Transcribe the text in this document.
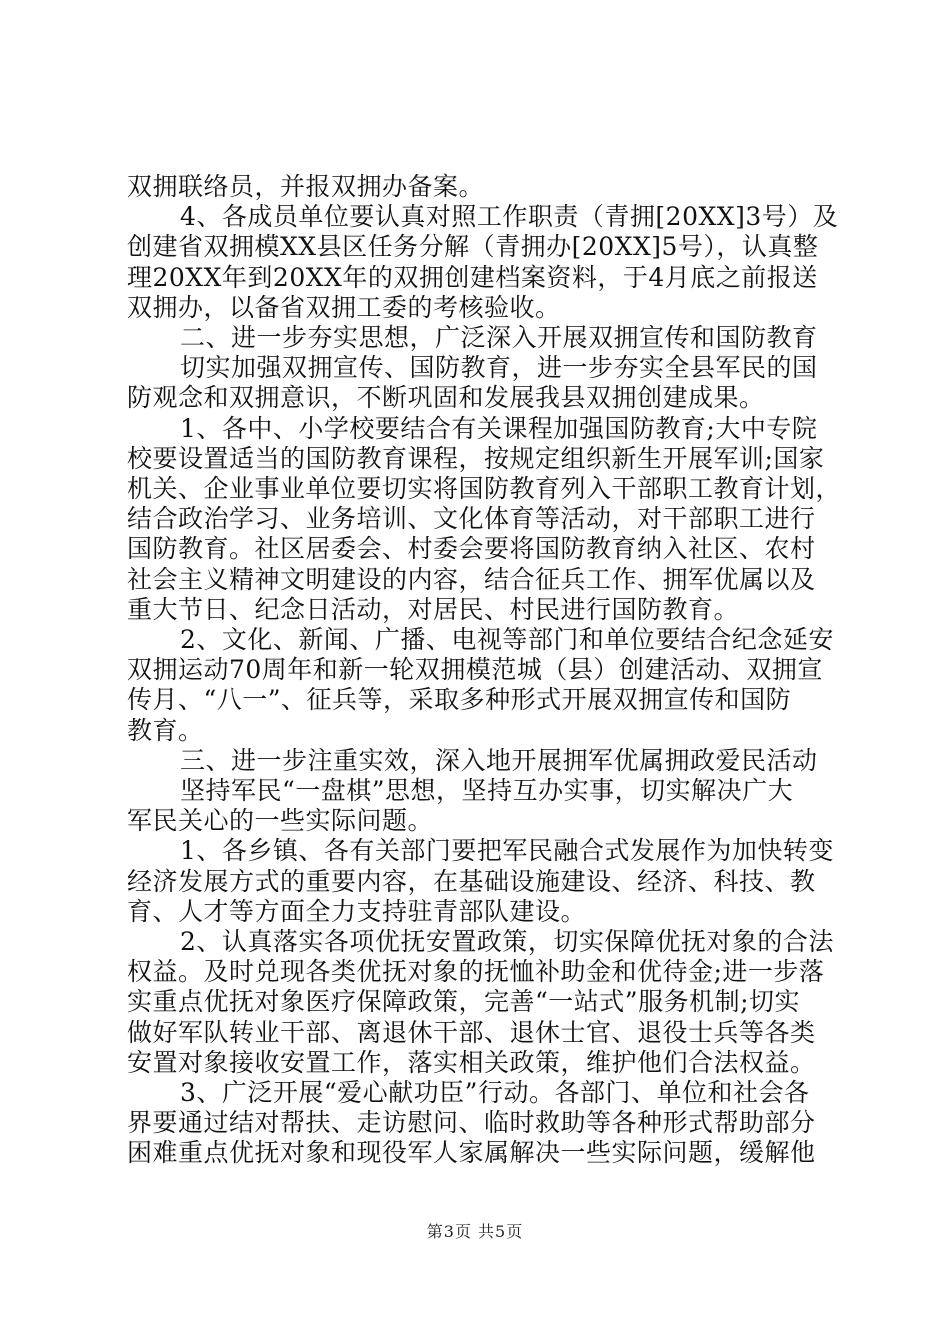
双拥联络员，并报双拥办备案。
4、各成员单位要认真对照工作职责（青拥[20XX]3号）及
创建省双拥模XX县区任务分解（青拥办[20XX]5号），认真整
理20XX年到20XX年的双拥创建档案资料，于4月底之前报送
双拥办，以备省双拥工委的考核验收。
二、进一步夯实思想，广泛深入开展双拥宣传和国防教育
切实加强双拥宣传、国防教育，进一步夯实全县军民的国
防观念和双拥意识，不断巩固和发展我县双拥创建成果。
1、各中、小学校要结合有关课程加强国防教育;大中专院
校要设置适当的国防教育课程，按规定组织新生开展军训;国家
机关、企业事业单位要切实将国防教育列入干部职工教育计划，
结合政治学习、业务培训、文化体育等活动，对干部职工进行
国防教育。社区居委会、村委会要将国防教育纳入社区、农村
社会主义精神文明建设的内容，结合征兵工作、拥军优属以及
重大节日、纪念日活动，对居民、村民进行国防教育。
2、文化、新闻、广播、电视等部门和单位要结合纪念延安
双拥运动70周年和新一轮双拥模范城（县）创建活动、双拥宣
传月、“八一”、征兵等，采取多种形式开展双拥宣传和国防
教育。
三、进一步注重实效，深入地开展拥军优属拥政爱民活动
坚持军民“一盘棋”思想，坚持互办实事，切实解决广大
军民关心的一些实际问题。
1、各乡镇、各有关部门要把军民融合式发展作为加快转变
经济发展方式的重要内容，在基础设施建设、经济、科技、教
育、人才等方面全力支持驻青部队建设。
2、认真落实各项优抚安置政策，切实保障优抚对象的合法
权益。及时兑现各类优抚对象的抚恤补助金和优待金;进一步落
实重点优抚对象医疗保障政策，完善“一站式”服务机制;切实
做好军队转业干部、离退休干部、退休士官、退役士兵等各类
安置对象接收安置工作，落实相关政策，维护他们合法权益。
3、广泛开展“爱心献功臣”行动。各部门、单位和社会各
界要通过结对帮扶、走访慰问、临时救助等各种形式帮助部分
困难重点优抚对象和现役军人家属解决一些实际问题，缓解他
第3页 共5页
